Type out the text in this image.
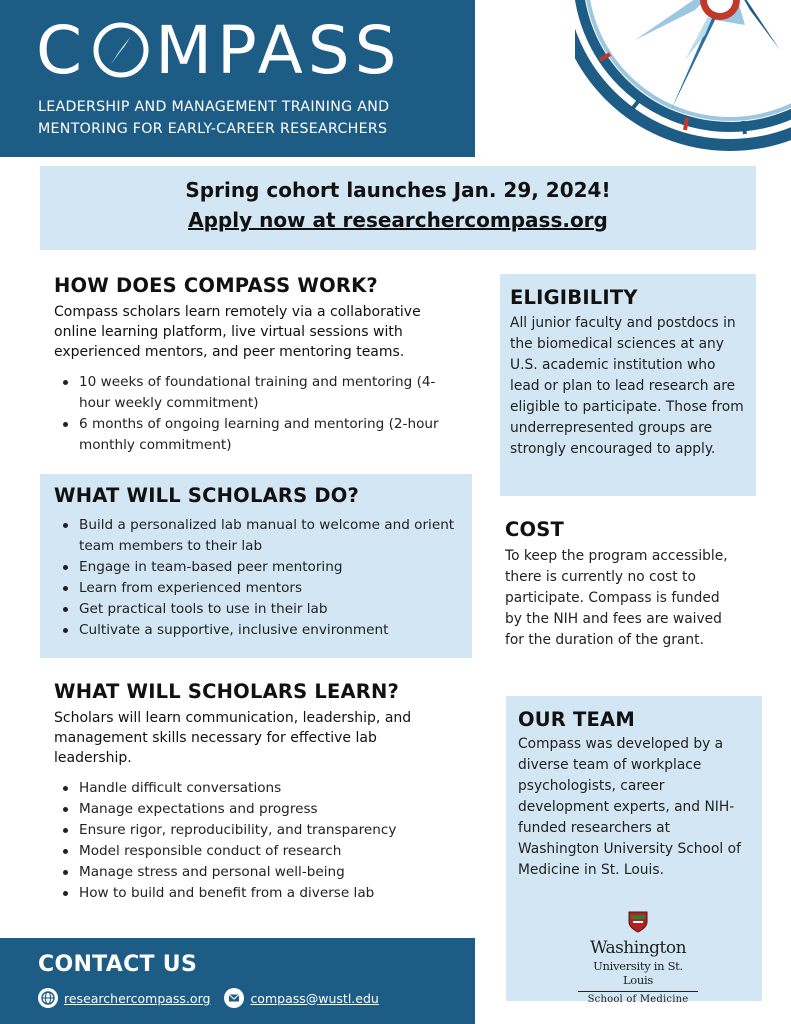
C MPASS
LEADERSHIP AND MANAGEMENT TRAINING AND
MENTORING FOR EARLY-CAREER RESEARCHERS
Spring cohort launches Jan. 29, 2024!
Apply now at researchercompass.org
HOW DOES COMPASS WORK?
Compass scholars learn remotely via a collaborative online learning platform, live virtual sessions with experienced mentors, and peer mentoring teams.
10 weeks of foundational training and mentoring (4-hour weekly commitment)
6 months of ongoing learning and mentoring (2-hour monthly commitment)
WHAT WILL SCHOLARS DO?
Build a personalized lab manual to welcome and orient team members to their lab
Engage in team-based peer mentoring
Learn from experienced mentors
Get practical tools to use in their lab
Cultivate a supportive, inclusive environment
WHAT WILL SCHOLARS LEARN?
Scholars will learn communication, leadership, and management skills necessary for effective lab leadership.
Handle difficult conversations
Manage expectations and progress
Ensure rigor, reproducibility, and transparency
Model responsible conduct of research
Manage stress and personal well-being
How to build and benefit from a diverse lab
ELIGIBILITY
All junior faculty and postdocs in the biomedical sciences at any U.S. academic institution who lead or plan to lead research are eligible to participate. Those from underrepresented groups are strongly encouraged to apply.
COST
To keep the program accessible, there is currently no cost to participate. Compass is funded by the NIH and fees are waived for the duration of the grant.
OUR TEAM
Compass was developed by a diverse team of workplace psychologists, career development experts, and NIH-funded researchers at Washington University School of Medicine in St. Louis.
Washington
University in St. Louis
School of Medicine
CONTACT US
researchercompass.org	compass@wustl.edu
